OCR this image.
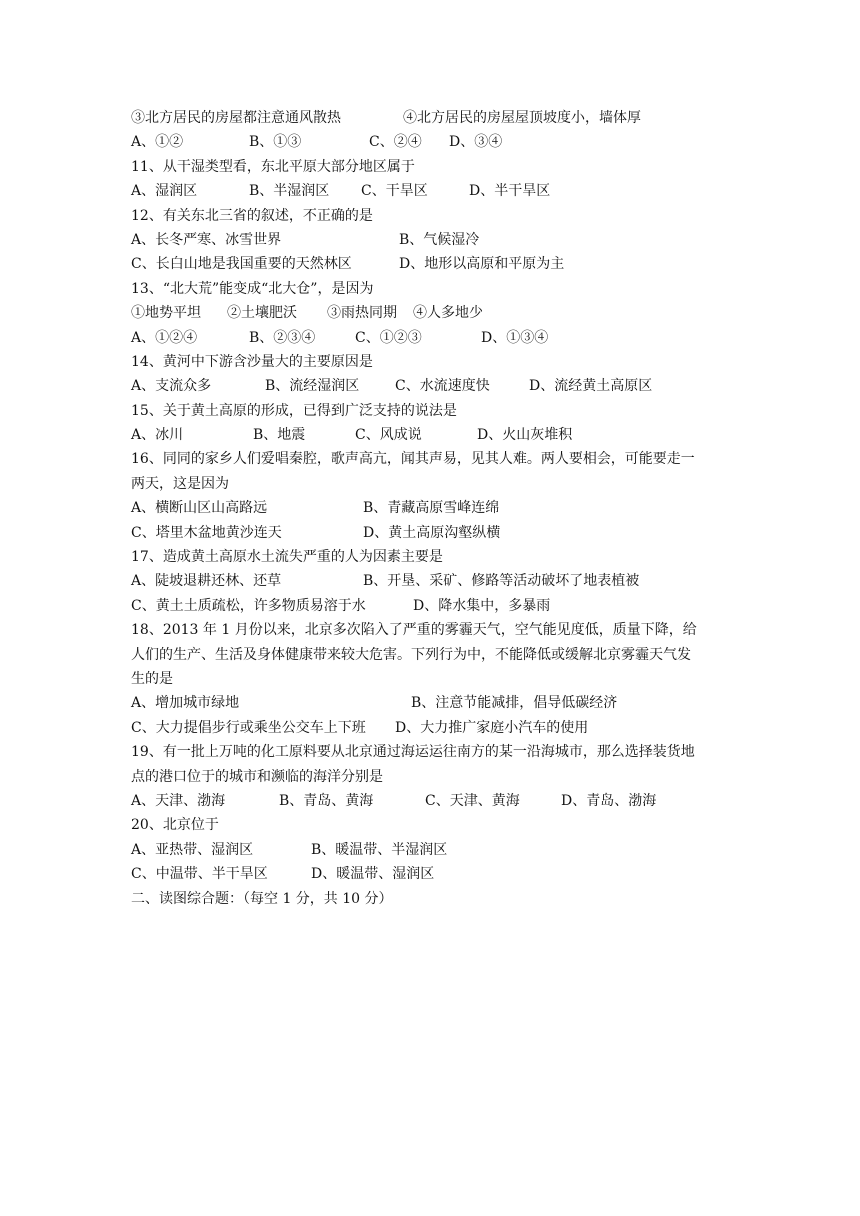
③北方居民的房屋都注意通风散热	④北方居民的房屋屋顶坡度小，墙体厚
A、①②	B、①③	C、②④ D、③④
11、从干湿类型看，东北平原大部分地区属于
A、湿润区	B、半湿润区 C、干旱区	D、半干旱区
12、有关东北三省的叙述，不正确的是
A、长冬严寒、冰雪世界	B、气候湿冷
C、长白山地是我国重要的天然林区	D、地形以高原和平原为主
13、“北大荒”能变成“北大仓”，是因为
①地势平坦 ②土壤肥沃 ③雨热同期 ④人多地少
A、①②④	B、②③④	C、①②③	D、①③④
14、黄河中下游含沙量大的主要原因是
A、支流众多	B、流经湿润区	C、水流速度快	D、流经黄土高原区
15、关于黄土高原的形成，已得到广泛支持的说法是
A、冰川	B、地震	C、风成说	D、火山灰堆积
16、同同的家乡人们爱唱秦腔，歌声高亢，闻其声易，见其人难。两人要相会，可能要走一
两天，这是因为
A、横断山区山高路远	B、青藏高原雪峰连绵
C、塔里木盆地黄沙连天	D、黄土高原沟壑纵横
17、造成黄土高原水土流失严重的人为因素主要是
A、陡坡退耕还林、还草	B、开垦、采矿、修路等活动破坏了地表植被
C、黄土土质疏松，许多物质易溶于水	D、降水集中，多暴雨
18、2013 年 1 月份以来，北京多次陷入了严重的雾霾天气，空气能见度低，质量下降，给
人们的生产、生活及身体健康带来较大危害。下列行为中，不能降低或缓解北京雾霾天气发
生的是
A、增加城市绿地	B、注意节能减排，倡导低碳经济
C、大力提倡步行或乘坐公交车上下班 D、大力推广家庭小汽车的使用
19、有一批上万吨的化工原料要从北京通过海运运往南方的某一沿海城市，那么选择装货地
点的港口位于的城市和濒临的海洋分别是
A、天津、渤海	B、青岛、黄海	C、天津、黄海	D、青岛、渤海
20、北京位于
A、亚热带、湿润区	B、暖温带、半湿润区
C、中温带、半干旱区	D、暖温带、湿润区
二、读图综合题：（每空 1 分，共 10 分）
